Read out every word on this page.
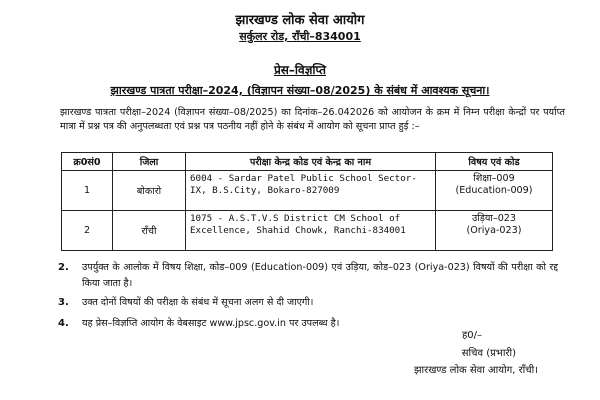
झारखण्ड लोक सेवा आयोग
सर्कुलर रोड, राँची–834001
प्रेस–विज्ञप्ति
झारखण्ड पात्रता परीक्षा–2024, (विज्ञापन संख्या–08/2025) के संबंध में आवश्यक सूचना।
झारखण्ड पात्रता परीक्षा–2024 (विज्ञापन संख्या–08/2025) का दिनांक–26.042026 को आयोजन के क्रम में निम्न परीक्षा केन्द्रों पर पर्याप्त मात्रा में प्रश्न पत्र की अनुपलब्धता एवं प्रश्न पत्र पठनीय नहीं होने के संबंध में आयोग को सूचना प्राप्त हुई :–
क्र0सं0	जिला	परीक्षा केन्द्र कोड एवं केन्द्र का नाम	विषय एवं कोड
1	बोकारो	6004 - Sardar Patel Public School Sector-IX, B.S.City, Bokaro-827009	शिक्षा–009
(Education-009)

2	राँची	1075 - A.S.T.V.S District CM School of Excellence, Shahid Chowk, Ranchi-834001	उड़िया–023
(Oriya-023)
2. उपर्युक्त के आलोक में विषय शिक्षा, कोड–009 (Education-009) एवं उड़िया, कोड–023 (Oriya-023) विषयों की परीक्षा को रद्द किया जाता है।
3. उक्त दोनों विषयों की परीक्षा के संबंध में सूचना अलग से दी जाएगी।
4. यह प्रेस–विज्ञप्ति आयोग के वेबसाइट www.jpsc.gov.in पर उपलब्ध है।
ह0/–
सचिव (प्रभारी)
झारखण्ड लोक सेवा आयोग, राँची।
